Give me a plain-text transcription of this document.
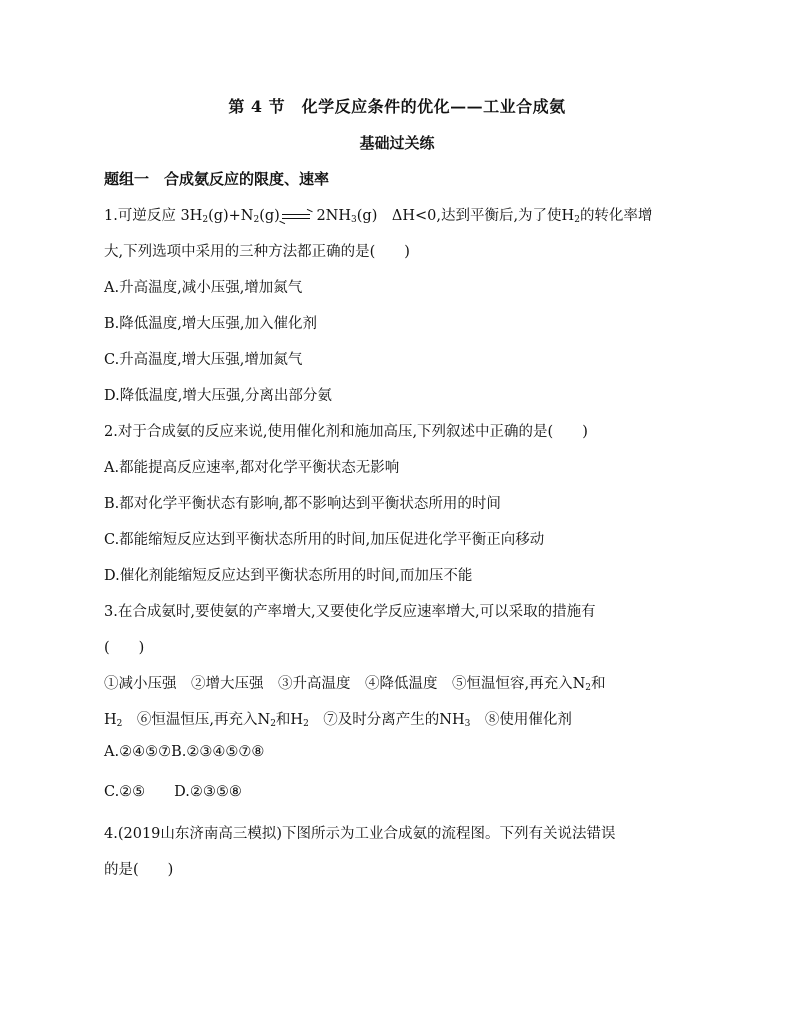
第 4 节　化学反应条件的优化——工业合成氨
基础过关练
题组一　合成氨反应的限度、速率
1.可逆反应 $3H_2(g)+N_2(g) \to 2NH_3(g)$　ΔH<0,达到平衡后,为了使$H_2$的转化率增
大,下列选项中采用的三种方法都正确的是(　　)
A.升高温度,减小压强,增加氮气
B.降低温度,增大压强,加入催化剂
C.升高温度,增大压强,增加氮气
D.降低温度,增大压强,分离出部分氨
2.对于合成氨的反应来说,使用催化剂和施加高压,下列叙述中正确的是(　　)
A.都能提高反应速率,都对化学平衡状态无影响
B.都对化学平衡状态有影响,都不影响达到平衡状态所用的时间
C.都能缩短反应达到平衡状态所用的时间,加压促进化学平衡正向移动
D.催化剂能缩短反应达到平衡状态所用的时间,而加压不能
3.在合成氨时,要使氨的产率增大,又要使化学反应速率增大,可以采取的措施有
(　　)
①减小压强　②增大压强　③升高温度　④降低温度　⑤恒温恒容,再充入$N_2$和
$H_2$　⑥恒温恒压,再充入$N_2$和$H_2$　⑦及时分离产生的$NH_3$　⑧使用催化剂
A.②④⑤⑦B.②③④⑤⑦⑧
C.②⑤　　D.②③⑤⑧
4.(2019山东济南高三模拟)下图所示为工业合成氨的流程图。下列有关说法错误
的是(　　)
